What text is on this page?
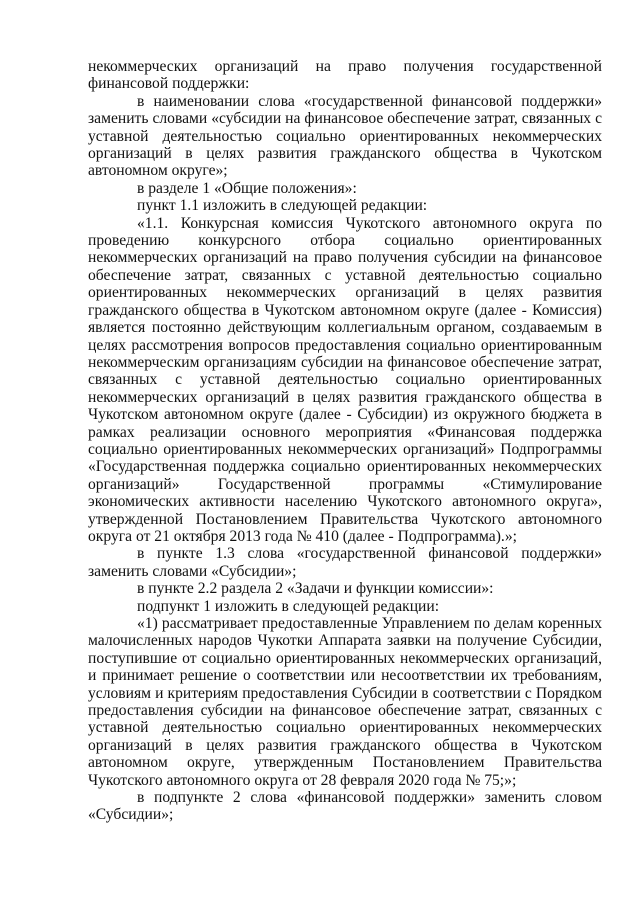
некоммерческих организаций на право получения государственной финансовой поддержки:

в наименовании слова «государственной финансовой поддержки» заменить словами «субсидии на финансовое обеспечение затрат, связанных с уставной деятельностью социально ориентированных некоммерческих организаций в целях развития гражданского общества в Чукотском автономном округе»;

в разделе 1 «Общие положения»:

пункт 1.1 изложить в следующей редакции:

«1.1. Конкурсная комиссия Чукотского автономного округа по проведению конкурсного отбора социально ориентированных некоммерческих организаций на право получения субсидии на финансовое обеспечение затрат, связанных с уставной деятельностью социально ориентированных некоммерческих организаций в целях развития гражданского общества в Чукотском автономном округе (далее - Комиссия) является постоянно действующим коллегиальным органом, создаваемым в целях рассмотрения вопросов предоставления социально ориентированным некоммерческим организациям субсидии на финансовое обеспечение затрат, связанных с уставной деятельностью социально ориентированных некоммерческих организаций в целях развития гражданского общества в Чукотском автономном округе (далее - Субсидии) из окружного бюджета в рамках реализации основного мероприятия «Финансовая поддержка социально ориентированных некоммерческих организаций» Подпрограммы «Государственная поддержка социально ориентированных некоммерческих организаций» Государственной программы «Стимулирование экономических активности населению Чукотского автономного округа», утвержденной Постановлением Правительства Чукотского автономного округа от 21 октября 2013 года № 410 (далее - Подпрограмма).»;

в пункте 1.3 слова «государственной финансовой поддержки» заменить словами «Субсидии»;

в пункте 2.2 раздела 2 «Задачи и функции комиссии»:

подпункт 1 изложить в следующей редакции:

«1) рассматривает предоставленные Управлением по делам коренных малочисленных народов Чукотки Аппарата заявки на получение Субсидии, поступившие от социально ориентированных некоммерческих организаций, и принимает решение о соответствии или несоответствии их требованиям, условиям и критериям предоставления Субсидии в соответствии с Порядком предоставления субсидии на финансовое обеспечение затрат, связанных с уставной деятельностью социально ориентированных некоммерческих организаций в целях развития гражданского общества в Чукотском автономном округе, утвержденным Постановлением Правительства Чукотского автономного округа от 28 февраля 2020 года № 75;»;

в подпункте 2 слова «финансовой поддержки» заменить словом «Субсидии»;
